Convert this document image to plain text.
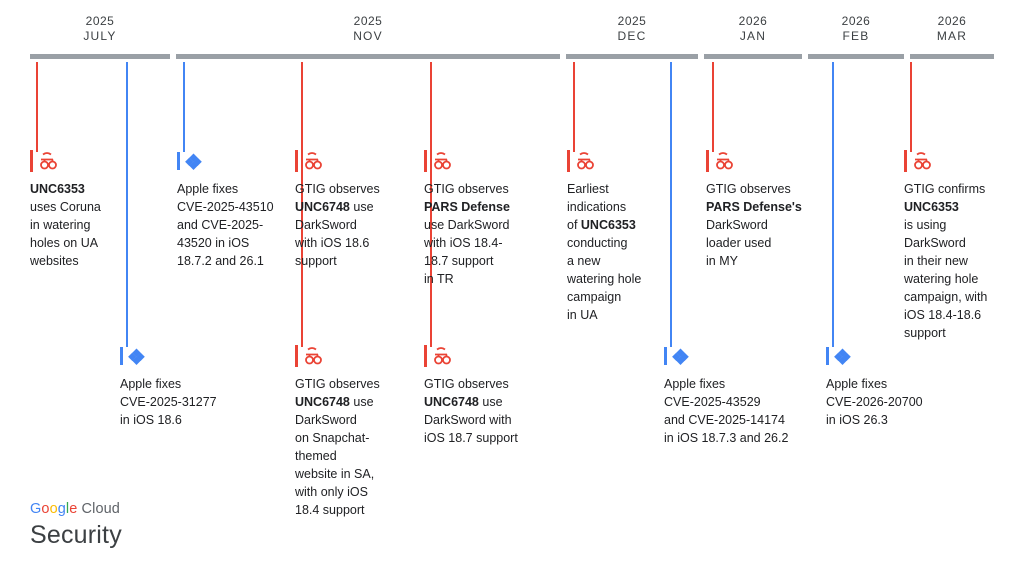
2025
JULY
2025
NOV
2025
DEC
2026
JAN
2026
FEB
2026
MAR
UNC6353
uses Coruna
in watering
holes on UA
websites
Apple fixes
CVE-2025-43510
and CVE-2025-
43520 in iOS
18.7.2 and 26.1
GTIG observes
UNC6748 use
DarkSword
with iOS 18.6
support
GTIG observes
PARS Defense
use DarkSword
with iOS 18.4-
18.7 support
in TR
Earliest
indications
of UNC6353
conducting
a new
watering hole
campaign
in UA
GTIG observes
PARS Defense's
DarkSword
loader used
in MY
GTIG confirms
UNC6353
is using
DarkSword
in their new
watering hole
campaign, with
iOS 18.4-18.6
support
Apple fixes
CVE-2025-31277
in iOS 18.6
GTIG observes
UNC6748 use
DarkSword
on Snapchat-
themed
website in SA,
with only iOS
18.4 support
GTIG observes
UNC6748 use
DarkSword with
iOS 18.7 support
Apple fixes
CVE-2025-43529
and CVE-2025-14174
in iOS 18.7.3 and 26.2
Apple fixes
CVE-2026-20700
in iOS 26.3
Google Cloud
Security
